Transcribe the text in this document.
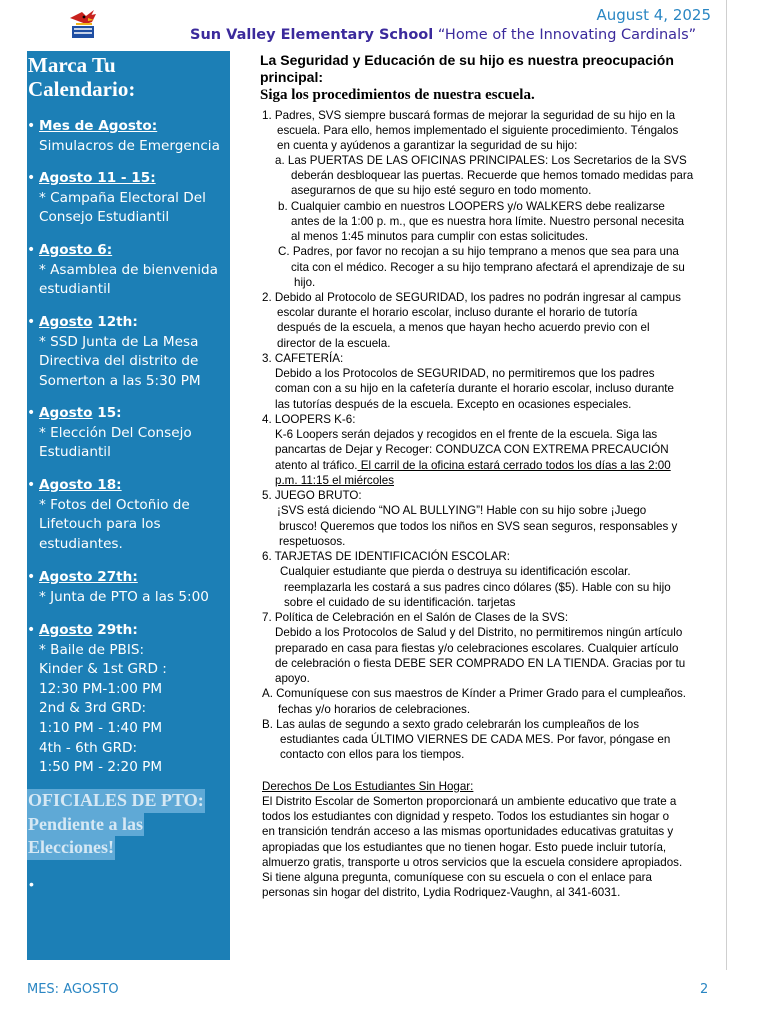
August 4, 2025
Sun Valley Elementary School “Home of the Innovating Cardinals”
Marca Tu Calendario:
• Mes de Agosto:
Simulacros de Emergencia
• Agosto 11 - 15:
* Campaña Electoral Del Consejo Estudiantil
• Agosto 6:
* Asamblea de bienvenida estudiantil
• Agosto 12th:
* SSD Junta de La Mesa Directiva del distrito de Somerton a las 5:30 PM
• Agosto 15:
* Elección Del Consejo Estudiantil
• Agosto 18:
* Fotos del Octoñio de Lifetouch para los estudiantes.
• Agosto 27th:
* Junta de PTO a las 5:00
• Agosto 29th:
* Baile de PBIS:
Kinder & 1st GRD :
12:30 PM-1:00 PM
2nd & 3rd GRD:
1:10 PM - 1:40 PM
4th - 6th GRD:
1:50 PM - 2:20 PM
OFICIALES DE PTO:
Pendiente a las
Elecciones!
•
La Seguridad y Educación de su hijo es nuestra preocupación principal:
Siga los procedimientos de nuestra escuela.
1. Padres, SVS siempre buscará formas de mejorar la seguridad de su hijo en la
escuela. Para ello, hemos implementado el siguiente procedimiento. Téngalos
en cuenta y ayúdenos a garantizar la seguridad de su hijo:
a. Las PUERTAS DE LAS OFICINAS PRINCIPALES: Los Secretarios de la SVS
deberán desbloquear las puertas. Recuerde que hemos tomado medidas para
asegurarnos de que su hijo esté seguro en todo momento.
b. Cualquier cambio en nuestros LOOPERS y/o WALKERS debe realizarse
antes de la 1:00 p. m., que es nuestra hora límite. Nuestro personal necesita
al menos 1:45 minutos para cumplir con estas solicitudes.
C. Padres, por favor no recojan a su hijo temprano a menos que sea para una
cita con el médico. Recoger a su hijo temprano afectará el aprendizaje de su
hijo.
2. Debido al Protocolo de SEGURIDAD, los padres no podrán ingresar al campus
escolar durante el horario escolar, incluso durante el horario de tutoría
después de la escuela, a menos que hayan hecho acuerdo previo con el
director de la escuela.
3. CAFETERÍA:
Debido a los Protocolos de SEGURIDAD, no permitiremos que los padres
coman con a su hijo en la cafetería durante el horario escolar, incluso durante
las tutorías después de la escuela. Excepto en ocasiones especiales.
4. LOOPERS K-6:
K-6 Loopers serán dejados y recogidos en el frente de la escuela. Siga las
pancartas de Dejar y Recoger: CONDUZCA CON EXTREMA PRECAUCIÓN
atento al tráfico. El carril de la oficina estará cerrado todos los días a las 2:00
p.m. 11:15 el miércoles
5. JUEGO BRUTO:
¡SVS está diciendo “NO AL BULLYING”! Hable con su hijo sobre ¡Juego
brusco! Queremos que todos los niños en SVS sean seguros, responsables y
respetuosos.
6. TARJETAS DE IDENTIFICACIÓN ESCOLAR:
Cualquier estudiante que pierda o destruya su identificación escolar.
reemplazarla les costará a sus padres cinco dólares ($5). Hable con su hijo
sobre el cuidado de su identificación. tarjetas
7. Política de Celebración en el Salón de Clases de la SVS:
Debido a los Protocolos de Salud y del Distrito, no permitiremos ningún artículo
preparado en casa para fiestas y/o celebraciones escolares. Cualquier artículo
de celebración o fiesta DEBE SER COMPRADO EN LA TIENDA. Gracias por tu
apoyo.
A. Comuníquese con sus maestros de Kínder a Primer Grado para el cumpleaños.
fechas y/o horarios de celebraciones.
B. Las aulas de segundo a sexto grado celebrarán los cumpleaños de los
estudiantes cada ÚLTIMO VIERNES DE CADA MES. Por favor, póngase en
contacto con ellos para los tiempos.
Derechos De Los Estudiantes Sin Hogar:
El Distrito Escolar de Somerton proporcionará un ambiente educativo que trate a
todos los estudiantes con dignidad y respeto. Todos los estudiantes sin hogar o
en transición tendrán acceso a las mismas oportunidades educativas gratuitas y
apropiadas que los estudiantes que no tienen hogar. Esto puede incluir tutoría,
almuerzo gratis, transporte u otros servicios que la escuela considere apropiados.
Si tiene alguna pregunta, comuníquese con su escuela o con el enlace para
personas sin hogar del distrito, Lydia Rodriquez-Vaughn, al 341-6031.
MES: AGOSTO	2
